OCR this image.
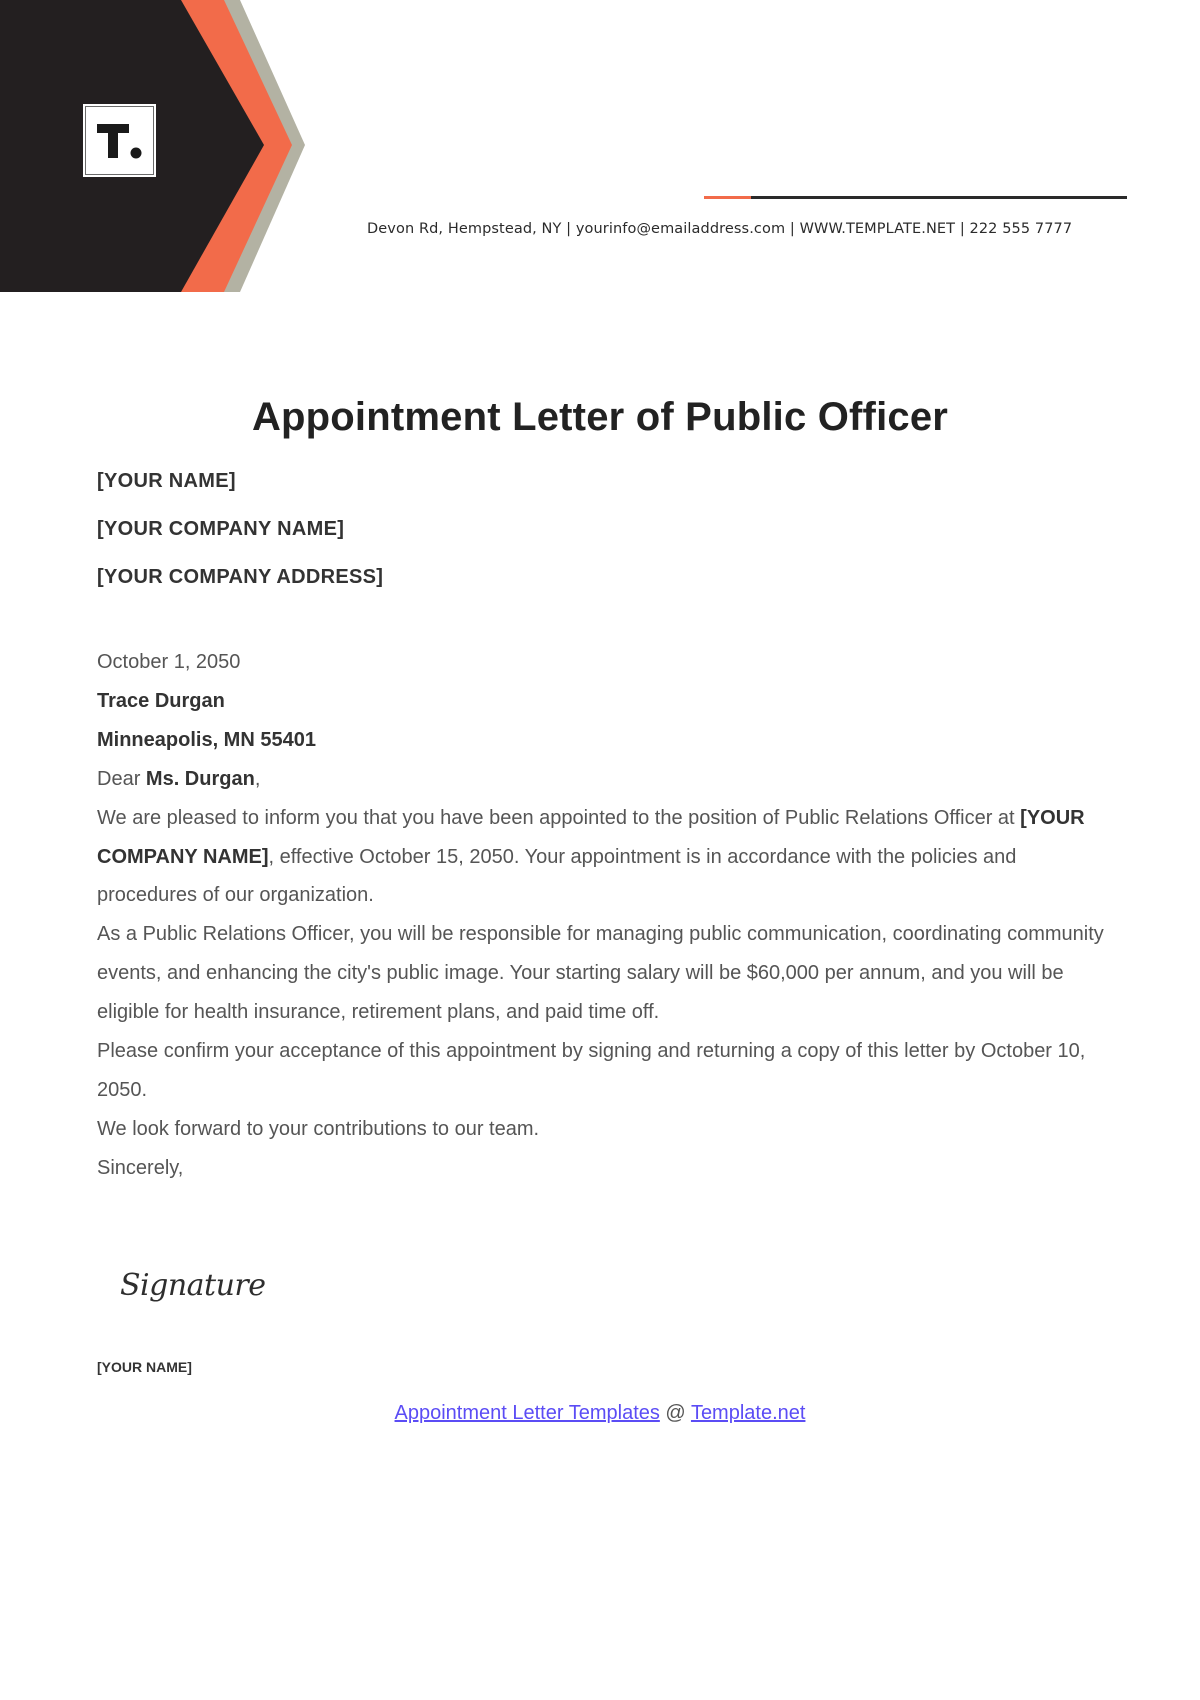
Devon Rd, Hempstead, NY | yourinfo@emailaddress.com | WWW.TEMPLATE.NET | 222 555 7777
Appointment Letter of Public Officer
[YOUR NAME]
[YOUR COMPANY NAME]
[YOUR COMPANY ADDRESS]

October 1, 2050

Trace Durgan

Minneapolis, MN 55401

Dear Ms. Durgan,

We are pleased to inform you that you have been appointed to the position of Public Relations Officer at [YOUR COMPANY NAME], effective October 15, 2050. Your appointment is in accordance with the policies and procedures of our organization.

As a Public Relations Officer, you will be responsible for managing public communication, coordinating community events, and enhancing the city's public image. Your starting salary will be $60,000 per annum, and you will be eligible for health insurance, retirement plans, and paid time off.

Please confirm your acceptance of this appointment by signing and returning a copy of this letter by October 10, 2050.

We look forward to your contributions to our team.

Sincerely,

Signature
[YOUR NAME]
Appointment Letter Templates @ Template.net
